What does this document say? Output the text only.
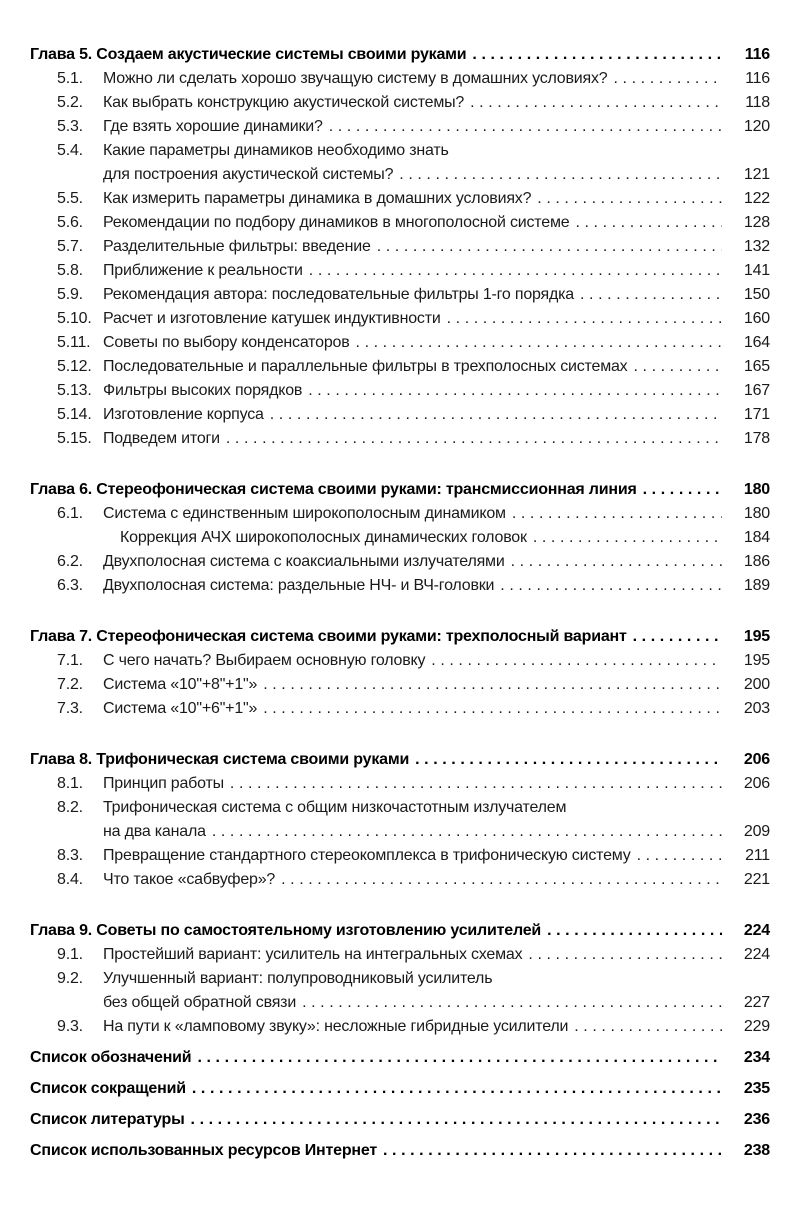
Глава 5. Создаем акустические системы своими руками .....	116
5.1.	Можно ли сделать хорошо звучащую систему в домашних условиях? .....	116
5.2.	Как выбрать конструкцию акустической системы? .....	118
5.3.	Где взять хорошие динамики? .....	120
5.4.	Какие параметры динамиков необходимо знать
для построения акустической системы? .....	121
5.5.	Как измерить параметры динамика в домашних условиях? .....	122
5.6.	Рекомендации по подбору динамиков в многополосной системе .....	128
5.7.	Разделительные фильтры: введение .....	132
5.8.	Приближение к реальности .....	141
5.9.	Рекомендация автора: последовательные фильтры 1-го порядка .....	150
5.10. Расчет и изготовление катушек индуктивности .....	160
5.11. Советы по выбору конденсаторов .....	164
5.12. Последовательные и параллельные фильтры в трехполосных системах .....	165
5.13. Фильтры высоких порядков .....	167
5.14. Изготовление корпуса .....	171
5.15. Подведем итоги .....	178
Глава 6. Стереофоническая система своими руками: трансмиссионная линия .....	180
6.1.	Система с единственным широкополосным динамиком .....	180
Коррекция АЧХ широкополосных динамических головок .....	184
6.2.	Двухполосная система с коаксиальными излучателями .....	186
6.3.	Двухполосная система: раздельные НЧ- и ВЧ-головки .....	189
Глава 7. Стереофоническая система своими руками: трехполосный вариант .....	195
7.1.	С чего начать? Выбираем основную головку .....	195
7.2.	Система «10"+8"+1"» .....	200
7.3.	Система «10"+6"+1"» .....	203
Глава 8. Трифоническая система своими руками .....	206
8.1.	Принцип работы .....	206
8.2.	Трифоническая система с общим низкочастотным излучателем
на два канала .....	209
8.3.	Превращение стандартного стереокомплекса в трифоническую систему .....	211
8.4.	Что такое «сабвуфер»? .....	221
Глава 9. Советы по самостоятельному изготовлению усилителей .....	224
9.1.	Простейший вариант: усилитель на интегральных схемах .....	224
9.2.	Улучшенный вариант: полупроводниковый усилитель
без общей обратной связи .....	227
9.3.	На пути к «ламповому звуку»: несложные гибридные усилители .....	229
Список обозначений .....	234
Список сокращений .....	235
Список литературы .....	236
Список использованных ресурсов Интернет .....	238
